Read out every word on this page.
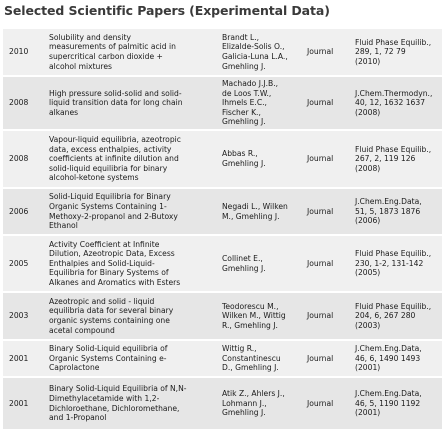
Selected Scientific Papers (Experimental Data)
2010	Solubility and density
measurements of palmitic acid in
supercritical carbon dioxide +
alcohol mixtures	Brandt L.,
Elizalde-Solis O.,
Galicia-Luna L.A.,
Gmehling J.	Journal	Fluid Phase Equilib.,
289, 1, 72 79
(2010)

2008	High pressure solid-solid and solid-
liquid transition data for long chain
alkanes	Machado J.J.B.,
de Loos T.W.,
Ihmels E.C.,
Fischer K.,
Gmehling J.	Journal	J.Chem.Thermodyn.,
40, 12, 1632 1637
(2008)

2008	Vapour-liquid equilibria, azeotropic
data, excess enthalpies, activity
coefficients at infinite dilution and
solid-liquid equilibria for binary
alcohol-ketone systems	Abbas R.,
Gmehling J.	Journal	Fluid Phase Equilib.,
267, 2, 119 126
(2008)

2006	Solid-Liquid Equilibria for Binary
Organic Systems Containing 1-
Methoxy-2-propanol and 2-Butoxy
Ethanol	Negadi L., Wilken
M., Gmehling J.	Journal	J.Chem.Eng.Data,
51, 5, 1873 1876
(2006)

2005	Activity Coefficient at Infinite
Dilution, Azeotropic Data, Excess
Enthalpies and Solid-Liquid-
Equilibria for Binary Systems of
Alkanes and Aromatics with Esters	Collinet E.,
Gmehling J.	Journal	Fluid Phase Equilib.,
230, 1-2, 131-142
(2005)

2003	Azeotropic and solid - liquid
equilibria data for several binary
organic systems containing one
acetal compound	Teodorescu M.,
Wilken M., Wittig
R., Gmehling J.	Journal	Fluid Phase Equilib.,
204, 6, 267 280
(2003)

2001	Binary Solid-Liquid equilibria of
Organic Systems Containing e-
Caprolactone	Wittig R.,
Constantinescu
D., Gmehling J.	Journal	J.Chem.Eng.Data,
46, 6, 1490 1493
(2001)

2001	Binary Solid-Liquid Equilibria of N,N-
Dimethylacetamide with 1,2-
Dichloroethane, Dichloromethane,
and 1-Propanol	Atik Z., Ahlers J.,
Lohmann J.,
Gmehling J.	Journal	J.Chem.Eng.Data,
46, 5, 1190 1192
(2001)
